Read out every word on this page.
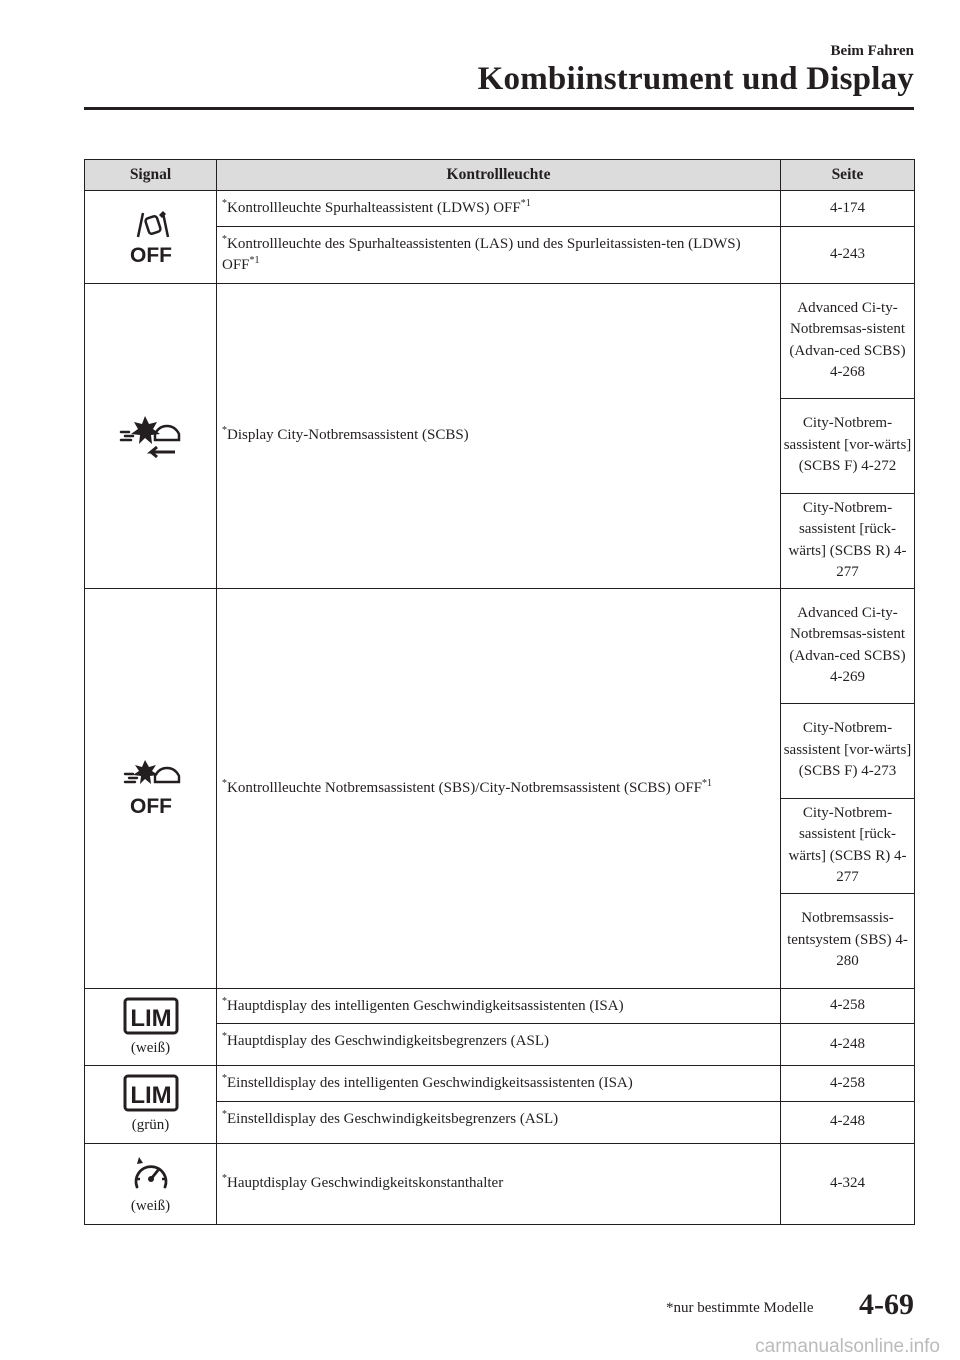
Beim Fahren
Kombiinstrument und Display
Signal	Kontrollleuchte	Seite

OFF	*Kontrollleuchte Spurhalteassistent (LDWS) OFF$^{*1}$	4-174
	*Kontrollleuchte des Spurhalteassistenten (LAS) und des Spurleitassisten-ten (LDWS) OFF$^{*1}$	4-243

	*Display City-Notbremsassistent (SCBS)	Advanced Ci-ty-Notbremsas-sistent (Advan-ced SCBS) 4-268
		City-Notbrem-sassistent [vor-wärts] (SCBS F) 4-272
		City-Notbrem-sassistent [rück-wärts] (SCBS R) 4-277

OFF	*Kontrollleuchte Notbremsassistent (SBS)/City-Notbremsassistent (SCBS) OFF$^{*1}$	Advanced Ci-ty-Notbremsas-sistent (Advan-ced SCBS) 4-269
		City-Notbrem-sassistent [vor-wärts] (SCBS F) 4-273
		City-Notbrem-sassistent [rück-wärts] (SCBS R) 4-277
		Notbremsassis-tentsystem (SBS) 4-280

LIM
(weiß)	*Hauptdisplay des intelligenten Geschwindigkeitsassistenten (ISA)	4-258
	*Hauptdisplay des Geschwindigkeitsbegrenzers (ASL)	4-248

LIM
(grün)	*Einstelldisplay des intelligenten Geschwindigkeitsassistenten (ISA)	4-258
	*Einstelldisplay des Geschwindigkeitsbegrenzers (ASL)	4-248

(weiß)	*Hauptdisplay Geschwindigkeitskonstanthalter	4-324
*nur bestimmte Modelle 4-69
carmanualsonline.info
